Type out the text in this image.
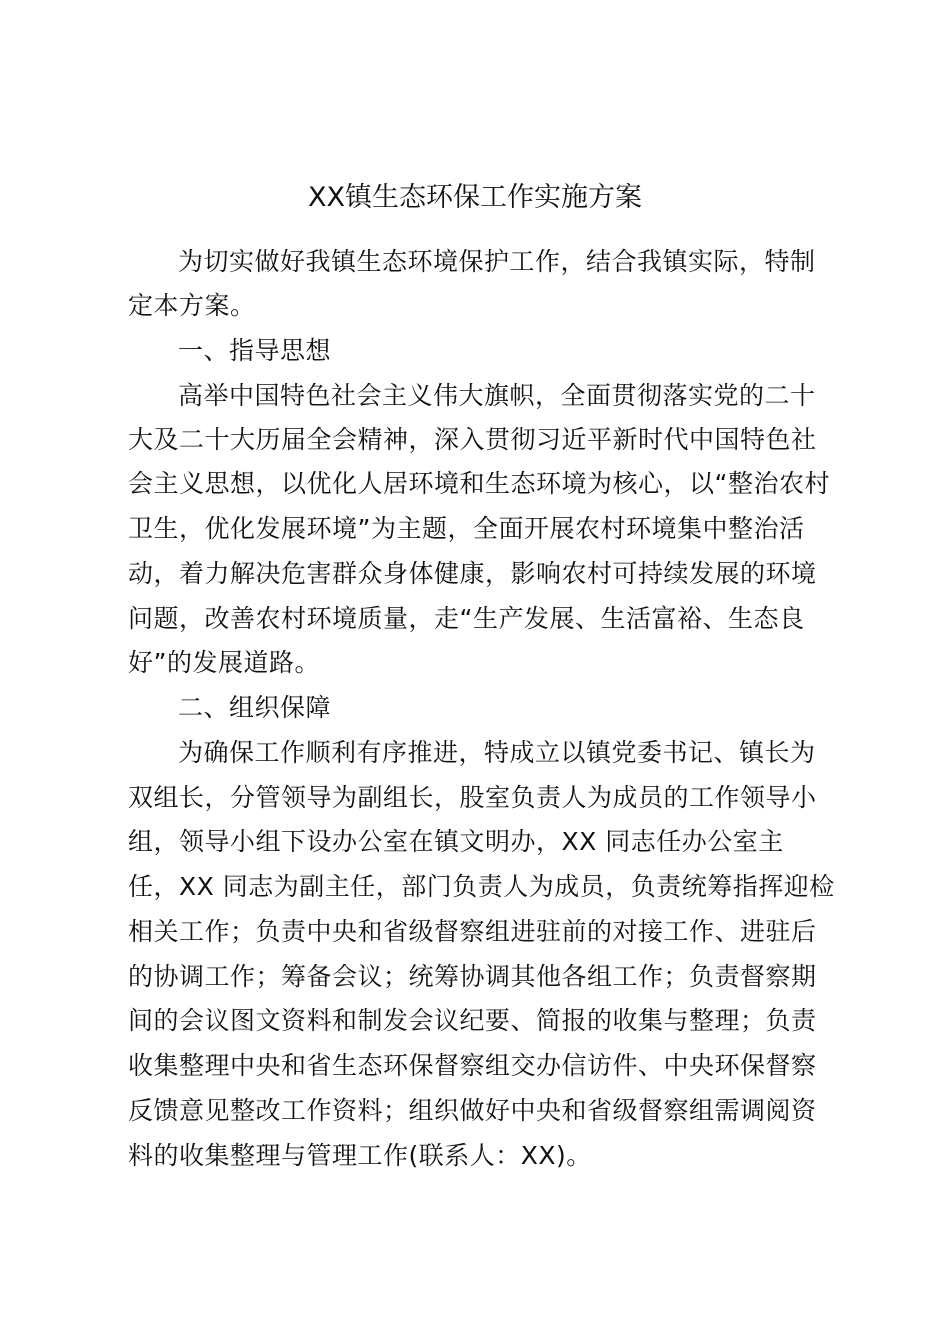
XX镇生态环保工作实施方案
为切实做好我镇生态环境保护工作，结合我镇实际，特制
定本方案。
一、指导思想
高举中国特色社会主义伟大旗帜，全面贯彻落实党的二十
大及二十大历届全会精神，深入贯彻习近平新时代中国特色社
会主义思想，以优化人居环境和生态环境为核心，以“整治农村
卫生，优化发展环境”为主题，全面开展农村环境集中整治活
动，着力解决危害群众身体健康，影响农村可持续发展的环境
问题，改善农村环境质量，走“生产发展、生活富裕、生态良
好”的发展道路。
二、组织保障
为确保工作顺利有序推进，特成立以镇党委书记、镇长为
双组长，分管领导为副组长，股室负责人为成员的工作领导小
组，领导小组下设办公室在镇文明办，XX 同志任办公室主
任，XX 同志为副主任，部门负责人为成员，负责统筹指挥迎检
相关工作；负责中央和省级督察组进驻前的对接工作、进驻后
的协调工作；筹备会议；统筹协调其他各组工作；负责督察期
间的会议图文资料和制发会议纪要、简报的收集与整理；负责
收集整理中央和省生态环保督察组交办信访件、中央环保督察
反馈意见整改工作资料；组织做好中央和省级督察组需调阅资
料的收集整理与管理工作(联系人：XX)。
